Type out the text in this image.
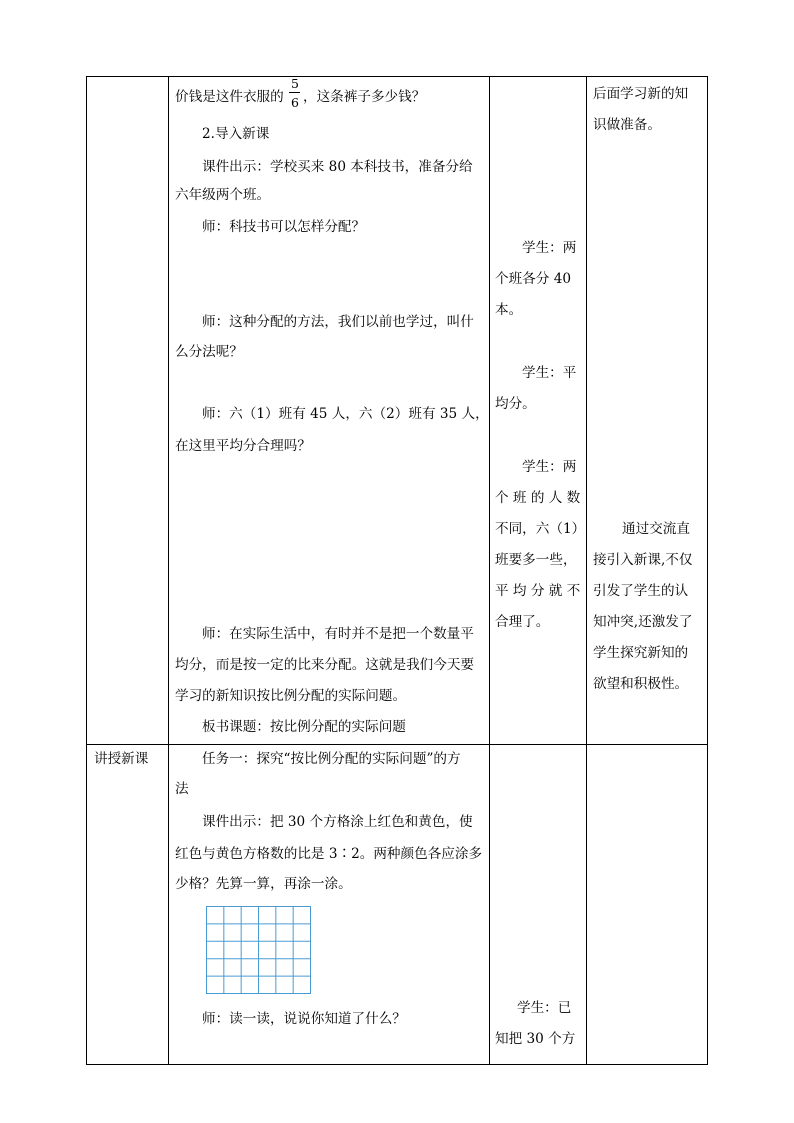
讲授新课
价钱是这件衣服的
5
6 ，这条裤子多少钱？
2.导入新课
课件出示：学校买来 80 本科技书，准备分给
六年级两个班。
师：科技书可以怎样分配？
师：这种分配的方法，我们以前也学过，叫什
么分法呢？
师：六（1）班有 45 人，六（2）班有 35 人，
在这里平均分合理吗？
师：在实际生活中，有时并不是把一个数量平
均分，而是按一定的比来分配。这就是我们今天要
学习的新知识按比例分配的实际问题。
板书课题：按比例分配的实际问题
任务一：探究“按比例分配的实际问题”的方
法
课件出示：把 30 个方格涂上红色和黄色，使
红色与黄色方格数的比是 3∶2。两种颜色各应涂多
少格？先算一算，再涂一涂。
师：读一读，说说你知道了什么？
学生：两
个班各分 40
本。
学生：平
均分。
学生：两
个 班 的 人 数
不同，六（1）
班要多一些，
平 均 分 就 不
合理了。
学生：已
知把 30 个方
后面学习新的知
识做准备。
通过交流直
接引入新课,不仅
引发了学生的认
知冲突,还激发了
学生探究新知的
欲望和积极性。
